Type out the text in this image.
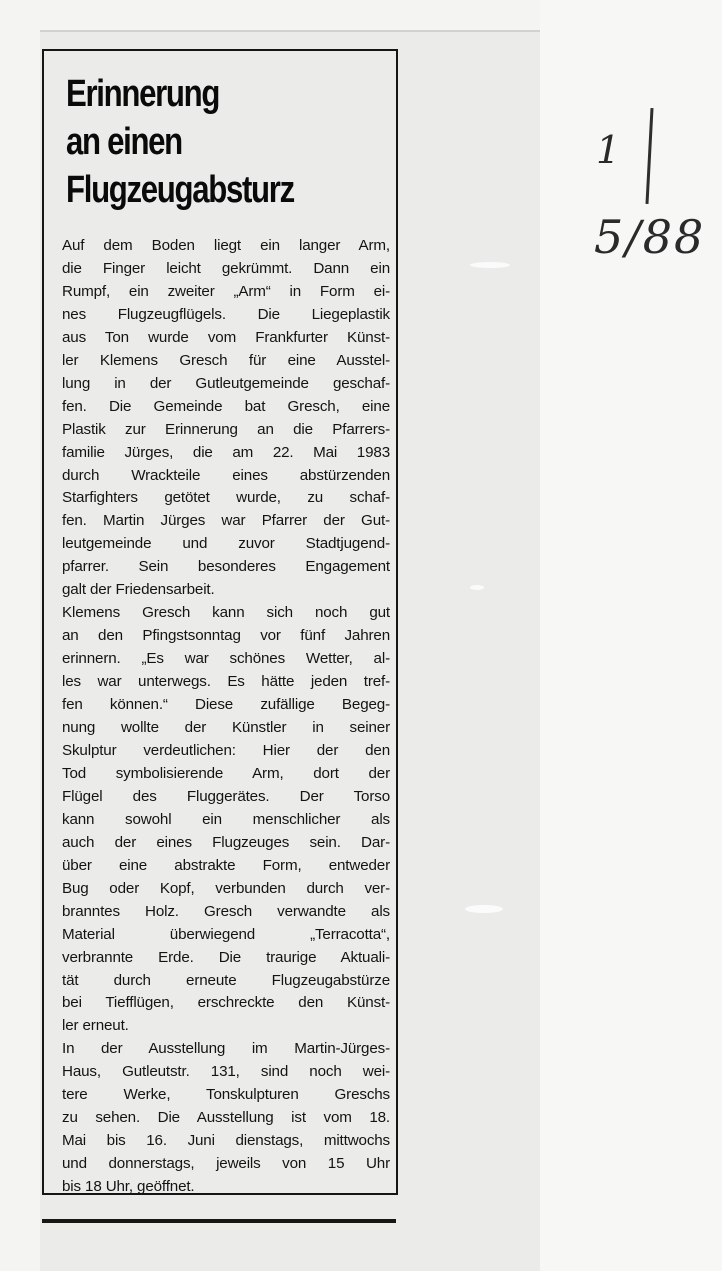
Erinnerung
an einen
Flugzeugabsturz
Auf dem Boden liegt ein langer Arm,
die Finger leicht gekrümmt. Dann ein
Rumpf, ein zweiter „Arm“ in Form ei-
nes Flugzeugflügels. Die Liegeplastik
aus Ton wurde vom Frankfurter Künst-
ler Klemens Gresch für eine Ausstel-
lung in der Gutleutgemeinde geschaf-
fen. Die Gemeinde bat Gresch, eine
Plastik zur Erinnerung an die Pfarrers-
familie Jürges, die am 22. Mai 1983
durch Wrackteile eines abstürzenden
Starfighters getötet wurde, zu schaf-
fen. Martin Jürges war Pfarrer der Gut-
leutgemeinde und zuvor Stadtjugend-
pfarrer. Sein besonderes Engagement
galt der Friedensarbeit.
Klemens Gresch kann sich noch gut
an den Pfingstsonntag vor fünf Jahren
erinnern. „Es war schönes Wetter, al-
les war unterwegs. Es hätte jeden tref-
fen können.“ Diese zufällige Begeg-
nung wollte der Künstler in seiner
Skulptur verdeutlichen: Hier der den
Tod symbolisierende Arm, dort der
Flügel des Fluggerätes. Der Torso
kann sowohl ein menschlicher als
auch der eines Flugzeuges sein. Dar-
über eine abstrakte Form, entweder
Bug oder Kopf, verbunden durch ver-
branntes Holz. Gresch verwandte als
Material überwiegend „Terracotta“,
verbrannte Erde. Die traurige Aktuali-
tät durch erneute Flugzeugabstürze
bei Tiefflügen, erschreckte den Künst-
ler erneut.
In der Ausstellung im Martin-Jürges-
Haus, Gutleutstr. 131, sind noch wei-
tere Werke, Tonskulpturen Greschs
zu sehen. Die Ausstellung ist vom 18.
Mai bis 16. Juni dienstags, mittwochs
und donnerstags, jeweils von 15 Uhr
bis 18 Uhr, geöffnet.
1
5/88
